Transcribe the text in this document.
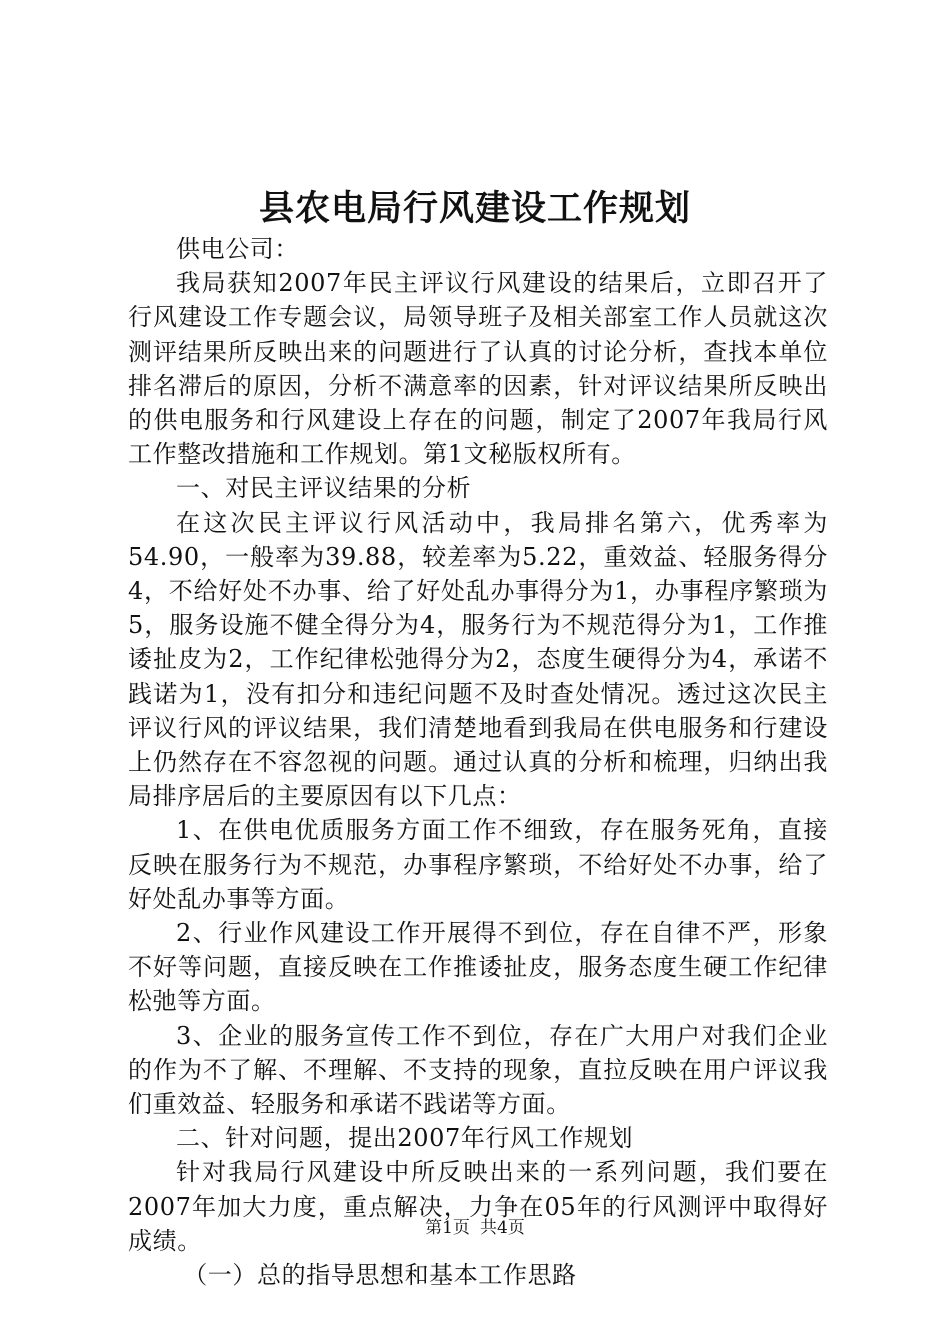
县农电局行风建设工作规划

供电公司：

我局获知2007年民主评议行风建设的结果后，立即召开了行风建设工作专题会议，局领导班子及相关部室工作人员就这次测评结果所反映出来的问题进行了认真的讨论分析，查找本单位排名滞后的原因，分析不满意率的因素，针对评议结果所反映出的供电服务和行风建设上存在的问题，制定了2007年我局行风工作整改措施和工作规划。第1文秘版权所有。

一、对民主评议结果的分析

在这次民主评议行风活动中，我局排名第六，优秀率为54.90，一般率为39.88，较差率为5.22，重效益、轻服务得分4，不给好处不办事、给了好处乱办事得分为1，办事程序繁琐为5，服务设施不健全得分为4，服务行为不规范得分为1，工作推诿扯皮为2，工作纪律松弛得分为2，态度生硬得分为4，承诺不践诺为1，没有扣分和违纪问题不及时查处情况。透过这次民主评议行风的评议结果，我们清楚地看到我局在供电服务和行建设上仍然存在不容忽视的问题。通过认真的分析和梳理，归纳出我局排序居后的主要原因有以下几点：

1、在供电优质服务方面工作不细致，存在服务死角，直接反映在服务行为不规范，办事程序繁琐，不给好处不办事，给了好处乱办事等方面。

2、行业作风建设工作开展得不到位，存在自律不严，形象不好等问题，直接反映在工作推诿扯皮，服务态度生硬工作纪律松弛等方面。

3、企业的服务宣传工作不到位，存在广大用户对我们企业的作为不了解、不理解、不支持的现象，直拉反映在用户评议我们重效益、轻服务和承诺不践诺等方面。

二、针对问题，提出2007年行风工作规划

针对我局行风建设中所反映出来的一系列问题，我们要在2007年加大力度，重点解决，力争在05年的行风测评中取得好成绩。

（一）总的指导思想和基本工作思路

第1页 共4页
